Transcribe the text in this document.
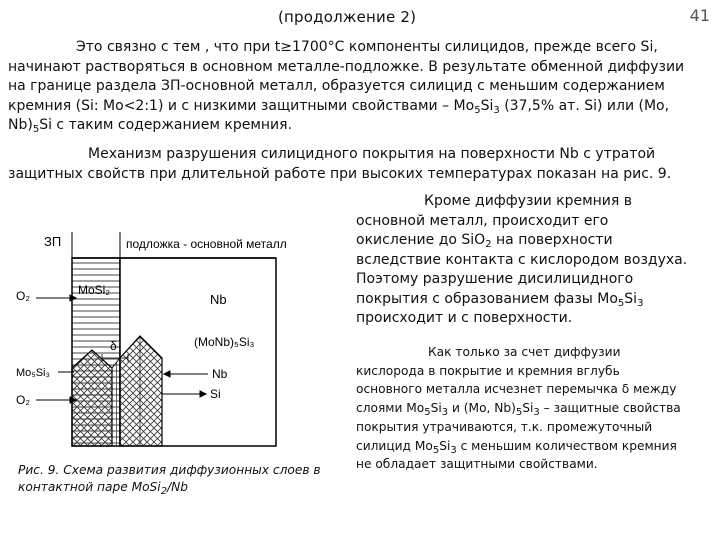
(продолжение 2)	41
Это связно с тем , что при t≥1700°С компоненты силицидов, прежде всего Si,
начинают растворяться в основном металле-подложке. В результате обменной диффузии
на границе раздела ЗП-основной металл, образуется силицид с меньшим содержанием
кремния (Si: Mo<2:1) и с низкими защитными свойствами – $Mo_5Si_3$ (37,5% ат. Si) или (Mo,
$Nb)_5Si$ с таким содержанием кремния.
Механизм разрушения силицидного покрытия на поверхности Nb с утратой
защитных свойств при длительной работе при высоких температурах показан на рис. 9.
Кроме диффузии кремния в
основной металл, происходит его
окисление до SiO$_2$ на поверхности
вследствие контакта с кислородом воздуха.
Поэтому разрушение дисилицидного
покрытия с образованием фазы $Mo_5Si_3$
происходит и с поверхности.
Как только за счет диффузии
кислорода в покрытие и кремния вглубь
основного металла исчезнет перемычка δ между
слоями $Mo_5Si_3$ и (Mo, $Nb)_5Si_3$ – защитные свойства
покрытия утрачиваются, т.к. промежуточный
силицид $Mo_5Si_3$ с меньшим количеством кремния
не обладает защитными свойствами.
ЗП	подложка - основной металл
O₂	MoSi₂
Nb
δ	(MoNb)₅Si₃
Mo₅Si₃	Nb
O₂	Si
Рис. 9. Схема развития диффузионных слоев в
контактной паре MoSi$_2$/Nb
